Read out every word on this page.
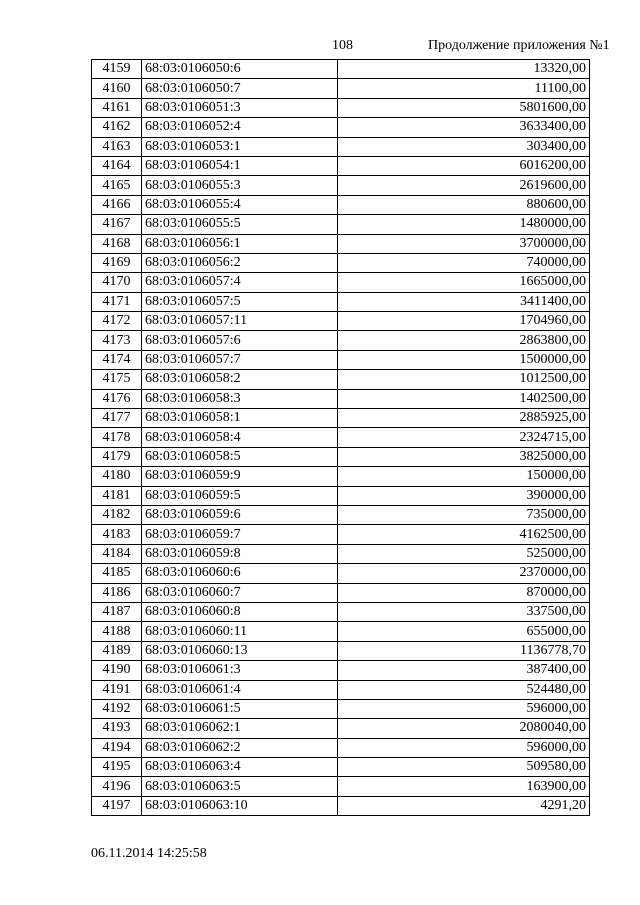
108	Продолжение приложения №1
4159	68:03:0106050:6	13320,00
4160	68:03:0106050:7	11100,00
4161	68:03:0106051:3	5801600,00
4162	68:03:0106052:4	3633400,00
4163	68:03:0106053:1	303400,00
4164	68:03:0106054:1	6016200,00
4165	68:03:0106055:3	2619600,00
4166	68:03:0106055:4	880600,00
4167	68:03:0106055:5	1480000,00
4168	68:03:0106056:1	3700000,00
4169	68:03:0106056:2	740000,00
4170	68:03:0106057:4	1665000,00
4171	68:03:0106057:5	3411400,00
4172	68:03:0106057:11	1704960,00
4173	68:03:0106057:6	2863800,00
4174	68:03:0106057:7	1500000,00
4175	68:03:0106058:2	1012500,00
4176	68:03:0106058:3	1402500,00
4177	68:03:0106058:1	2885925,00
4178	68:03:0106058:4	2324715,00
4179	68:03:0106058:5	3825000,00
4180	68:03:0106059:9	150000,00
4181	68:03:0106059:5	390000,00
4182	68:03:0106059:6	735000,00
4183	68:03:0106059:7	4162500,00
4184	68:03:0106059:8	525000,00
4185	68:03:0106060:6	2370000,00
4186	68:03:0106060:7	870000,00
4187	68:03:0106060:8	337500,00
4188	68:03:0106060:11	655000,00
4189	68:03:0106060:13	1136778,70
4190	68:03:0106061:3	387400,00
4191	68:03:0106061:4	524480,00
4192	68:03:0106061:5	596000,00
4193	68:03:0106062:1	2080040,00
4194	68:03:0106062:2	596000,00
4195	68:03:0106063:4	509580,00
4196	68:03:0106063:5	163900,00
4197	68:03:0106063:10	4291,20
06.11.2014 14:25:58
